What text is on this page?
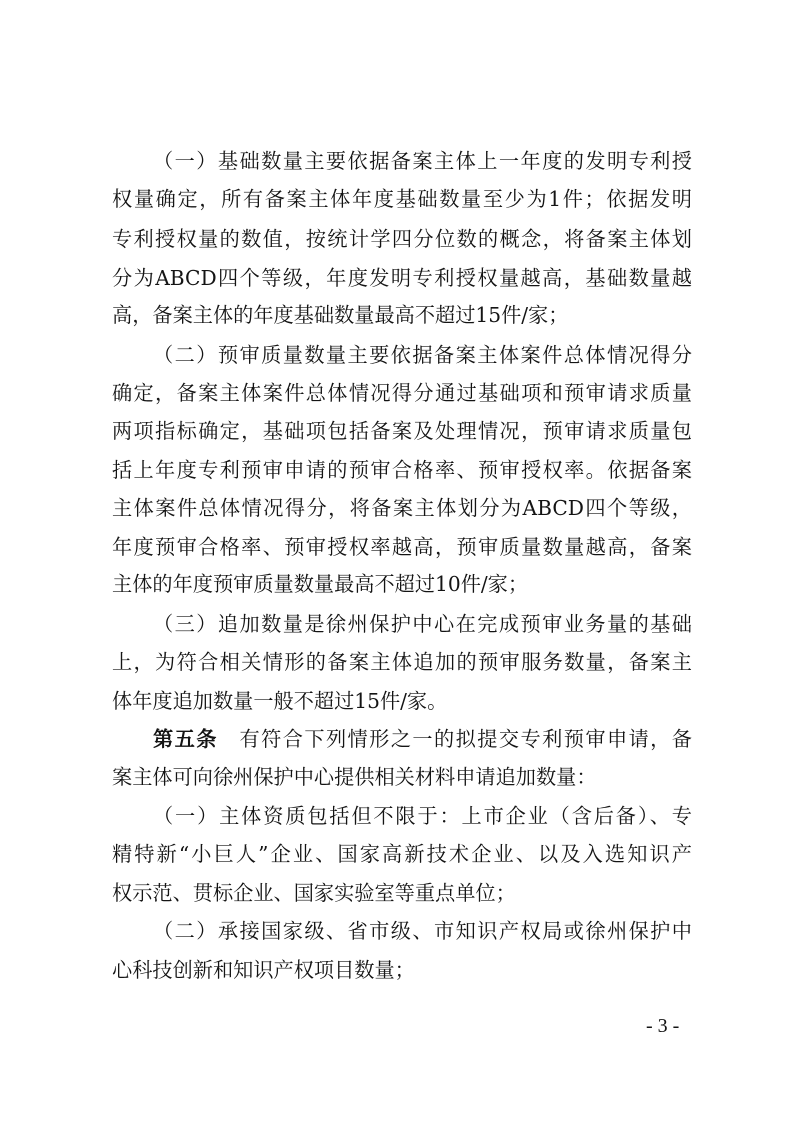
（一）基础数量主要依据备案主体上一年度的发明专利授
权量确定，所有备案主体年度基础数量至少为1件；依据发明
专利授权量的数值，按统计学四分位数的概念，将备案主体划
分为ABCD四个等级，年度发明专利授权量越高，基础数量越
高，备案主体的年度基础数量最高不超过15件/家；
（二）预审质量数量主要依据备案主体案件总体情况得分
确定，备案主体案件总体情况得分通过基础项和预审请求质量
两项指标确定，基础项包括备案及处理情况，预审请求质量包
括上年度专利预审申请的预审合格率、预审授权率。依据备案
主体案件总体情况得分，将备案主体划分为ABCD四个等级，
年度预审合格率、预审授权率越高，预审质量数量越高，备案
主体的年度预审质量数量最高不超过10件/家；
（三）追加数量是徐州保护中心在完成预审业务量的基础
上，为符合相关情形的备案主体追加的预审服务数量，备案主
体年度追加数量一般不超过15件/家。
第五条  有符合下列情形之一的拟提交专利预审申请，备
案主体可向徐州保护中心提供相关材料申请追加数量：
（一）主体资质包括但不限于：上市企业（含后备）、专
精特新“小巨人”企业、国家高新技术企业、以及入选知识产
权示范、贯标企业、国家实验室等重点单位；
（二）承接国家级、省市级、市知识产权局或徐州保护中
心科技创新和知识产权项目数量；
- 3 -
